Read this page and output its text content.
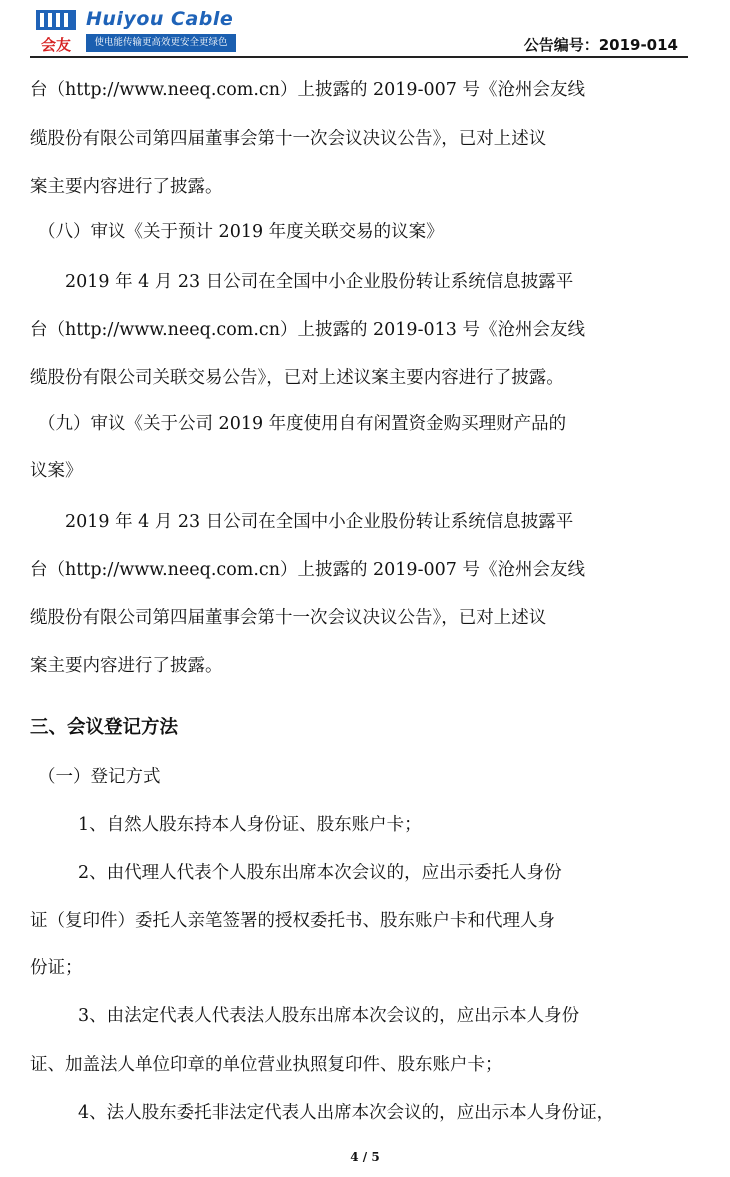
会友
Huiyou Cable
使电能传输更高效更安全更绿色	公告编号：2019-014
台（http://www.neeq.com.cn）上披露的 2019-007 号《沧州会友线
缆股份有限公司第四届董事会第十一次会议决议公告》，已对上述议
案主要内容进行了披露。
（八）审议《关于预计 2019 年度关联交易的议案》
2019 年 4 月 23 日公司在全国中小企业股份转让系统信息披露平
台（http://www.neeq.com.cn）上披露的 2019-013 号《沧州会友线
缆股份有限公司关联交易公告》，已对上述议案主要内容进行了披露。
（九）审议《关于公司 2019 年度使用自有闲置资金购买理财产品的
议案》
2019 年 4 月 23 日公司在全国中小企业股份转让系统信息披露平
台（http://www.neeq.com.cn）上披露的 2019-007 号《沧州会友线
缆股份有限公司第四届董事会第十一次会议决议公告》，已对上述议
案主要内容进行了披露。
三、会议登记方法
（一）登记方式
1、自然人股东持本人身份证、股东账户卡；
2、由代理人代表个人股东出席本次会议的，应出示委托人身份
证（复印件）委托人亲笔签署的授权委托书、股东账户卡和代理人身
份证；
3、由法定代表人代表法人股东出席本次会议的，应出示本人身份
证、加盖法人单位印章的单位营业执照复印件、股东账户卡；
4、法人股东委托非法定代表人出席本次会议的，应出示本人身份证，
4 / 5
